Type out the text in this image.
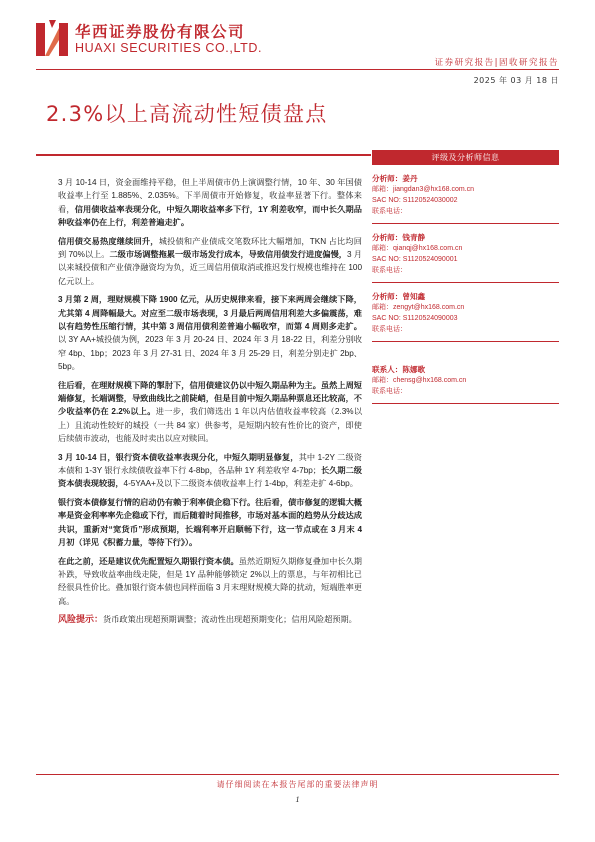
华西证券股份有限公司
HUAXI SECURITIES CO.,LTD.
证券研究报告|固收研究报告
2025 年 03 月 18 日
2.3%以上高流动性短债盘点

3 月 10-14 日，资金面维持平稳，但上半周债市仍上演调整行情，10 年、30 年国债收益率上行至 1.885%、2.035%。下半周债市开始修复，收益率显著下行。整体来看，信用债收益率表现分化，中短久期收益率多下行，1Y 利差收窄，而中长久期品种收益率仍在上行，利差普遍走扩。

信用债交易热度继续回升，城投债和产业债成交笔数环比大幅增加，TKN 占比均回到 70%以上。二级市场调整拖累一级市场发行成本，导致信用债发行进度偏慢，3 月以来城投债和产业债净融资均为负，近三周信用债取消或推迟发行规模也维持在 100 亿元以上。

3 月第 2 周，理财规模下降 1900 亿元，从历史规律来看，接下来两周会继续下降，尤其第 4 周降幅最大。对应至二级市场表现，3 月最后两周信用利差大多偏震荡，难以有趋势性压缩行情，其中第 3 周信用债利差普遍小幅收窄，而第 4 周则多走扩。以 3Y AA+城投债为例，2023 年 3 月 20-24 日、2024 年 3 月 18-22 日，利差分别收窄 4bp、1bp；2023 年 3 月 27-31 日、2024 年 3 月 25-29 日，利差分别走扩 2bp、5bp。

往后看，在理财规模下降的掣肘下，信用债建议仍以中短久期品种为主。虽然上周短端修复，长端调整，导致曲线比之前陡峭，但是目前中短久期品种票息还比较高，不少收益率仍在 2.2%以上。进一步，我们筛选出 1 年以内估值收益率较高（2.3%以上）且流动性较好的城投（一共 84 家）供参考，是短期内较有性价比的资产，即使后续债市波动，也能及时卖出以应对赎回。

3 月 10-14 日，银行资本债收益率表现分化，中短久期明显修复，其中 1-2Y 二级资本债和 1-3Y 银行永续债收益率下行 4-8bp，各品种 1Y 利差收窄 4-7bp；长久期二级资本债表现较弱，4-5YAA+及以下二级资本债收益率上行 1-4bp，利差走扩 4-6bp。

银行资本债修复行情的启动仍有赖于利率债企稳下行。往后看，债市修复的逻辑大概率是资金利率率先企稳或下行，而后随着时间推移，市场对基本面的趋势从分歧达成共识，重新对“宽货币”形成预期，长端利率开启顺畅下行，这一节点或在 3 月末 4 月初（详见《积蓄力量，等待下行》）。

在此之前，还是建议优先配置短久期银行资本债。虽然近期短久期修复叠加中长久期补跌，导致收益率曲线走陡，但是 1Y 品种能够锁定 2%以上的票息，与年初相比已经很具性价比。叠加银行资本债也同样面临 3 月末理财规模大降的扰动，短端胜率更高。

风险提示：货币政策出现超预期调整；流动性出现超预期变化；信用风险超预期。

评级及分析师信息
分析师：姜丹
邮箱：jiangdan3@hx168.com.cn
SAC NO: S1120524030002
联系电话：
分析师：钱青静
邮箱：qianqj@hx168.com.cn
SAC NO: S1120524090001
联系电话：
分析师：曾知鑫
邮箱：zengyt@hx168.com.cn
SAC NO: S1120524090003
联系电话：
联系人：陈娜歌
邮箱：chensg@hx168.com.cn
联系电话：
请仔细阅读在本报告尾部的重要法律声明
1
